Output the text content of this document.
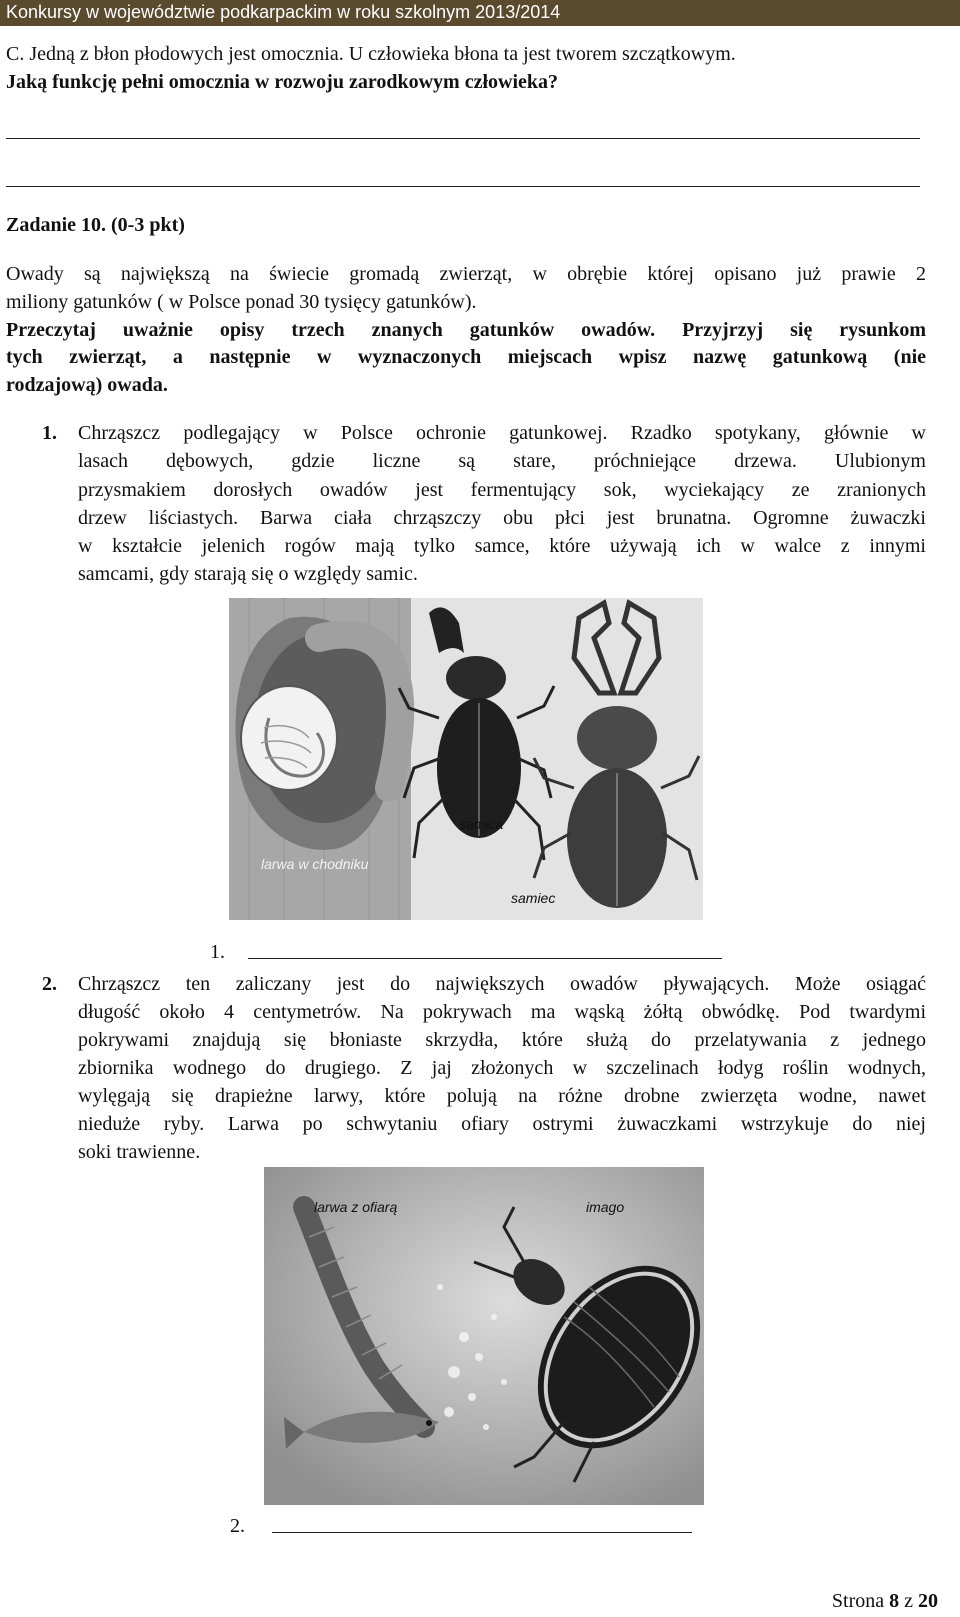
Konkursy w województwie podkarpackim w roku szkolnym 2013/2014
C. Jedną z błon płodowych jest omocznia. U człowieka błona ta jest tworem szczątkowym.
Jaką funkcję pełni omocznia w rozwoju zarodkowym człowieka?
Zadanie 10. (0-3 pkt)
Owady są największą na świecie gromadą zwierząt, w obrębie której opisano już prawie 2
miliony gatunków ( w Polsce ponad 30 tysięcy gatunków).
Przeczytaj uważnie opisy trzech znanych gatunków owadów. Przyjrzyj się rysunkom
tych zwierząt, a następnie w wyznaczonych miejscach wpisz nazwę gatunkową (nie
rodzajową) owada.
1. Chrząszcz podlegający w Polsce ochronie gatunkowej. Rzadko spotykany, głównie w
lasach dębowych, gdzie liczne są stare, próchniejące drzewa. Ulubionym
przysmakiem dorosłych owadów jest fermentujący sok, wyciekający ze zranionych
drzew liściastych. Barwa ciała chrząszczy obu płci jest brunatna. Ogromne żuwaczki
w kształcie jelenich rogów mają tylko samce, które używają ich w walce z innymi
samcami, gdy starają się o względy samic.
samica
larwa w chodniku
samiec
1.
2. Chrząszcz ten zaliczany jest do największych owadów pływających. Może osiągać
długość około 4 centymetrów. Na pokrywach ma wąską żółtą obwódkę. Pod twardymi
pokrywami znajdują się błoniaste skrzydła, które służą do przelatywania z jednego
zbiornika wodnego do drugiego. Z jaj złożonych w szczelinach łodyg roślin wodnych,
wylęgają się drapieżne larwy, które polują na różne drobne zwierzęta wodne, nawet
nieduże ryby. Larwa po schwytaniu ofiary ostrymi żuwaczkami wstrzykuje do niej
soki trawienne.
larwa z ofiarą	imago
2.
Strona 8 z 20
